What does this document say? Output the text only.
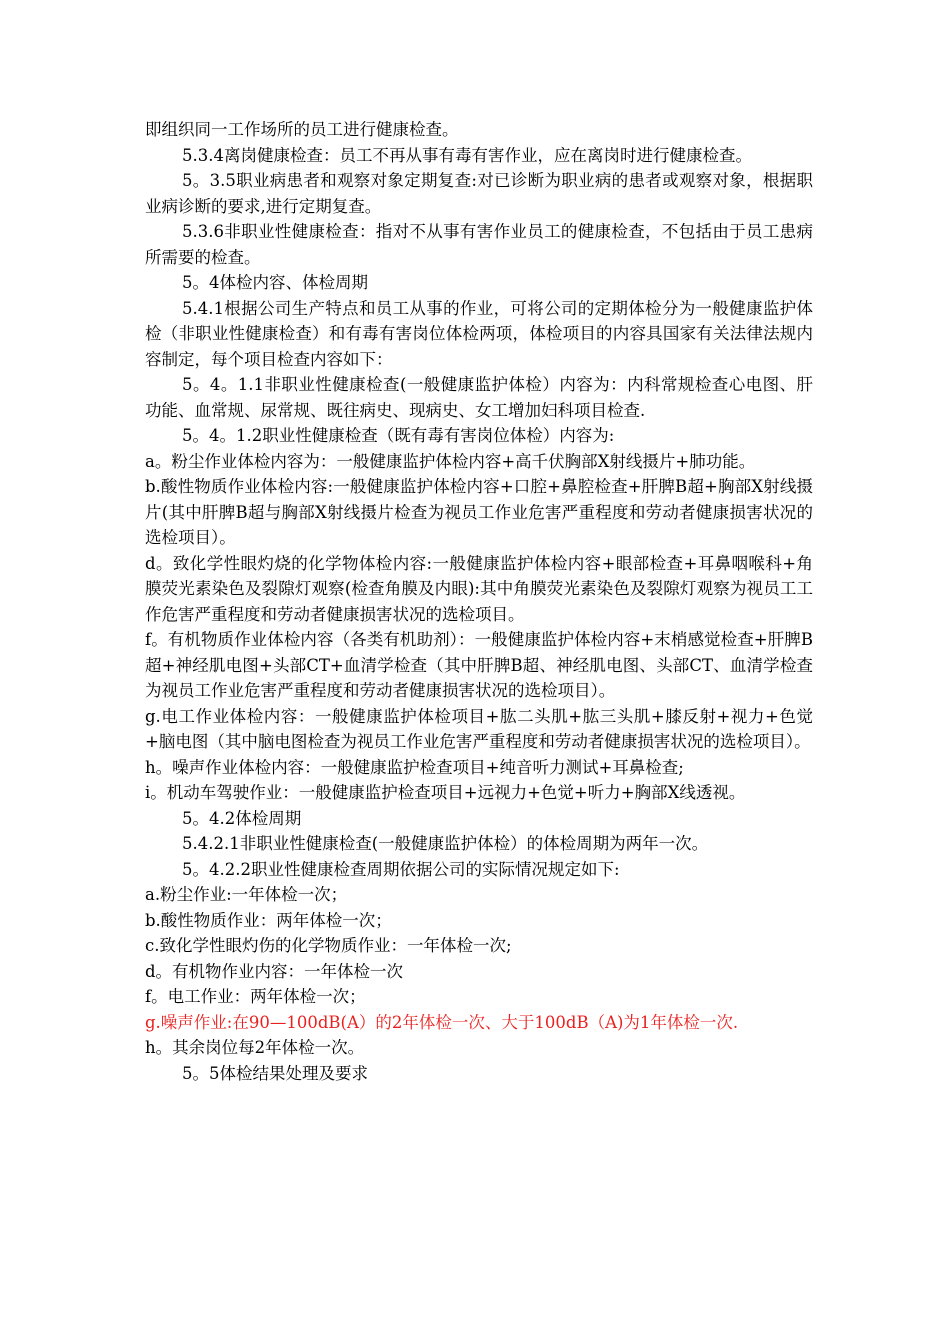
即组织同一工作场所的员工进行健康检查。

5.3.4离岗健康检查：员工不再从事有毒有害作业，应在离岗时进行健康检查。

5。3.5职业病患者和观察对象定期复查:对已诊断为职业病的患者或观察对象，根据职业病诊断的要求,进行定期复查。

5.3.6非职业性健康检查：指对不从事有害作业员工的健康检查，不包括由于员工患病所需要的检查。

5。4体检内容、体检周期

5.4.1根据公司生产特点和员工从事的作业，可将公司的定期体检分为一般健康监护体检（非职业性健康检查）和有毒有害岗位体检两项，体检项目的内容具国家有关法律法规内容制定，每个项目检查内容如下：

5。4。1.1非职业性健康检查(一般健康监护体检）内容为：内科常规检查心电图、肝功能、血常规、尿常规、既往病史、现病史、女工增加妇科项目检查.

5。4。1.2职业性健康检查（既有毒有害岗位体检）内容为:

a。粉尘作业体检内容为：一般健康监护体检内容+高千伏胸部X射线摄片+肺功能。

b.酸性物质作业体检内容:一般健康监护体检内容+口腔+鼻腔检查+肝脾B超+胸部X射线摄片(其中肝脾B超与胸部X射线摄片检查为视员工作业危害严重程度和劳动者健康损害状况的选检项目）。

d。致化学性眼灼烧的化学物体检内容:一般健康监护体检内容+眼部检查+耳鼻咽喉科+角膜荧光素染色及裂隙灯观察(检查角膜及内眼):其中角膜荧光素染色及裂隙灯观察为视员工工作危害严重程度和劳动者健康损害状况的选检项目。

f。有机物质作业体检内容（各类有机助剂）：一般健康监护体检内容+末梢感觉检查+肝脾B超+神经肌电图+头部CT+血清学检查（其中肝脾B超、神经肌电图、头部CT、血清学检查为视员工作业危害严重程度和劳动者健康损害状况的选检项目）。

g.电工作业体检内容：一般健康监护体检项目+肱二头肌+肱三头肌+膝反射+视力+色觉+脑电图（其中脑电图检查为视员工作业危害严重程度和劳动者健康损害状况的选检项目）。

h。噪声作业体检内容：一般健康监护检查项目+纯音听力测试+耳鼻检查;

i。机动车驾驶作业：一般健康监护检查项目+远视力+色觉+听力+胸部X线透视。

5。4.2体检周期

5.4.2.1非职业性健康检查(一般健康监护体检）的体检周期为两年一次。

5。4.2.2职业性健康检查周期依据公司的实际情况规定如下:

a.粉尘作业:一年体检一次；

b.酸性物质作业：两年体检一次；

c.致化学性眼灼伤的化学物质作业：一年体检一次;

d。有机物作业内容：一年体检一次

f。电工作业：两年体检一次；

g.噪声作业:在90—100dB(A）的2年体检一次、大于100dB（A)为1年体检一次.

h。其余岗位每2年体检一次。

5。5体检结果处理及要求
